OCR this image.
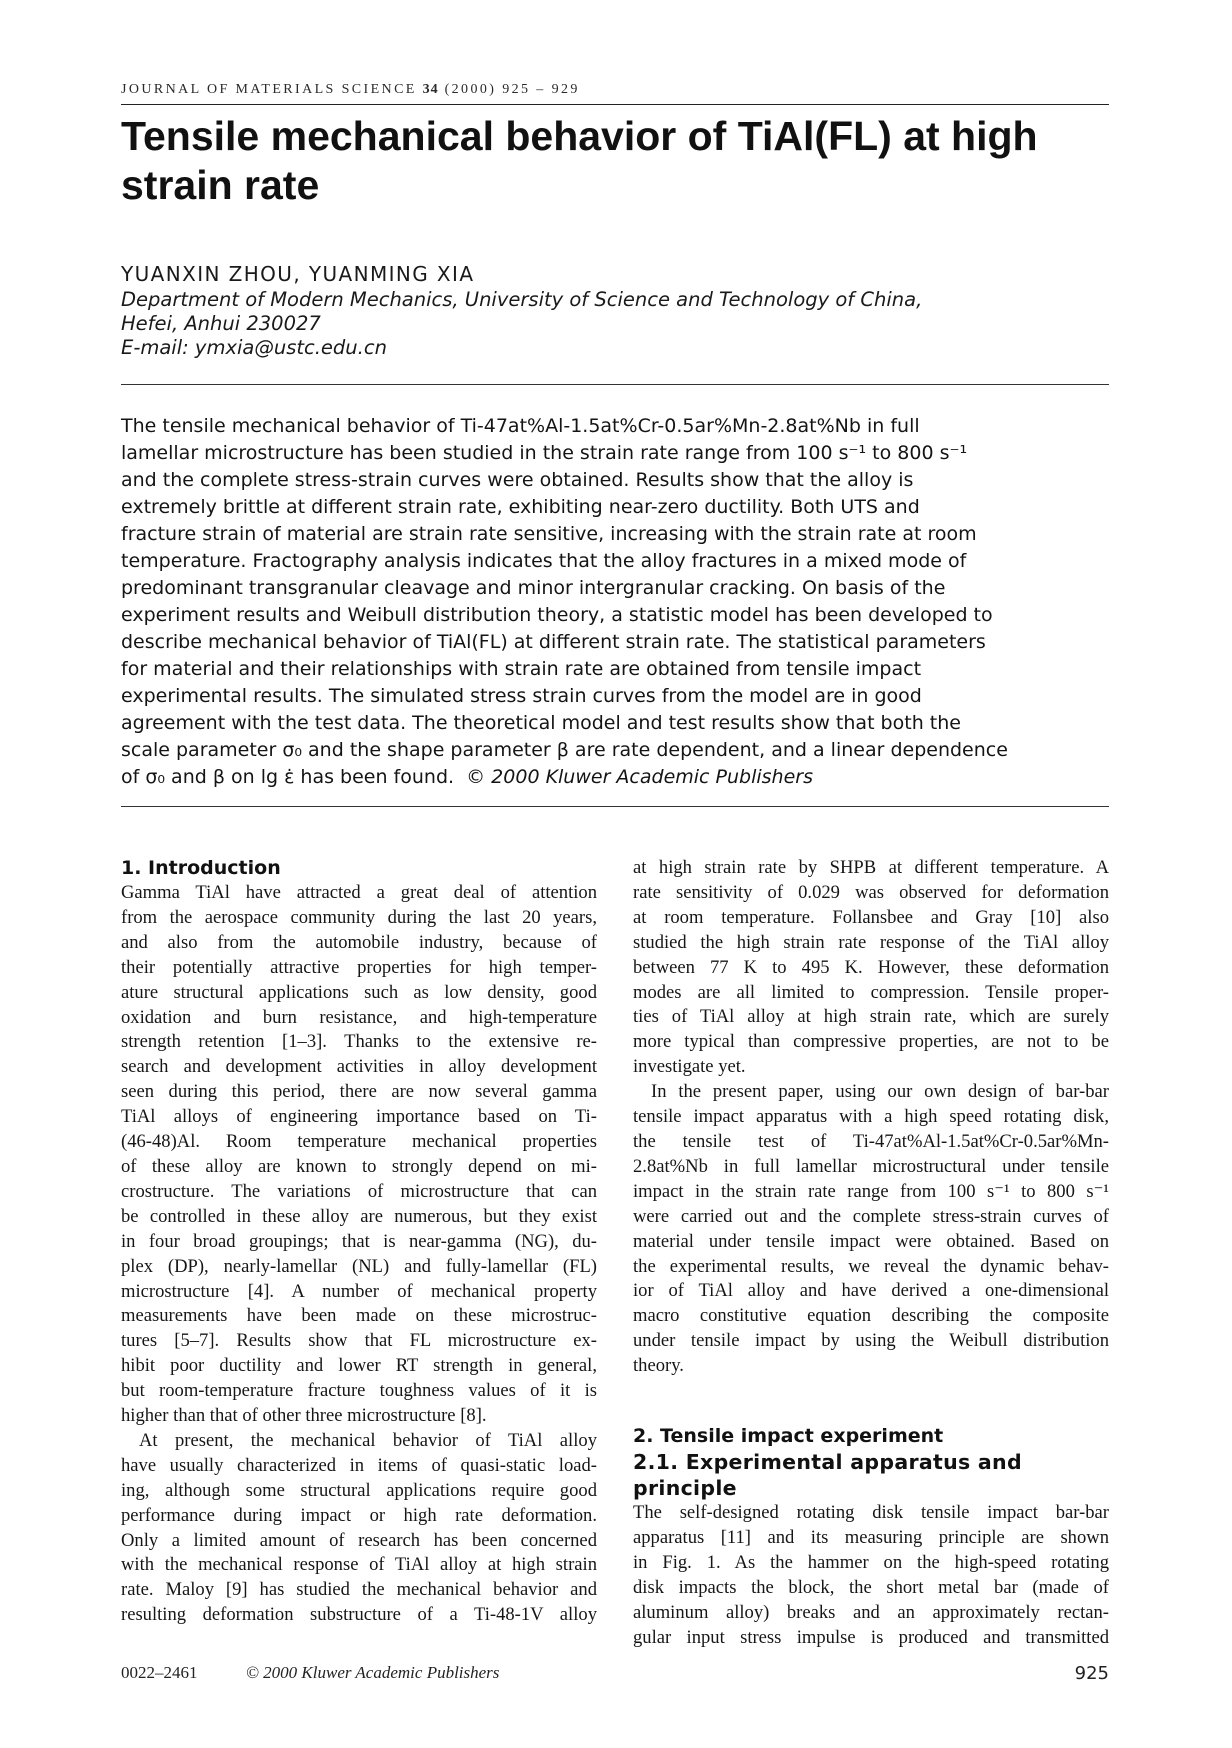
JOURNAL OF MATERIALS SCIENCE 34 (2000) 925 – 929
Tensile mechanical behavior of TiAl(FL) at high
strain rate
YUANXIN ZHOU, YUANMING XIA
Department of Modern Mechanics, University of Science and Technology of China,
Hefei, Anhui 230027
E-mail: ymxia@ustc.edu.cn
The tensile mechanical behavior of Ti-47at%Al-1.5at%Cr-0.5ar%Mn-2.8at%Nb in full
lamellar microstructure has been studied in the strain rate range from 100 s⁻¹ to 800 s⁻¹
and the complete stress-strain curves were obtained. Results show that the alloy is
extremely brittle at different strain rate, exhibiting near-zero ductility. Both UTS and
fracture strain of material are strain rate sensitive, increasing with the strain rate at room
temperature. Fractography analysis indicates that the alloy fractures in a mixed mode of
predominant transgranular cleavage and minor intergranular cracking. On basis of the
experiment results and Weibull distribution theory, a statistic model has been developed to
describe mechanical behavior of TiAl(FL) at different strain rate. The statistical parameters
for material and their relationships with strain rate are obtained from tensile impact
experimental results. The simulated stress strain curves from the model are in good
agreement with the test data. The theoretical model and test results show that both the
scale parameter σ₀ and the shape parameter β are rate dependent, and a linear dependence
of σ₀ and β on lg ε̇ has been found. © 2000 Kluwer Academic Publishers
1. Introduction

Gamma TiAl have attracted a great deal of attention
from the aerospace community during the last 20 years,
and also from the automobile industry, because of
their potentially attractive properties for high temper-
ature structural applications such as low density, good
oxidation and burn resistance, and high-temperature
strength retention [1–3]. Thanks to the extensive re-
search and development activities in alloy development
seen during this period, there are now several gamma
TiAl alloys of engineering importance based on Ti-
(46-48)Al. Room temperature mechanical properties
of these alloy are known to strongly depend on mi-
crostructure. The variations of microstructure that can
be controlled in these alloy are numerous, but they exist
in four broad groupings; that is near-gamma (NG), du-
plex (DP), nearly-lamellar (NL) and fully-lamellar (FL)
microstructure [4]. A number of mechanical property
measurements have been made on these microstruc-
tures [5–7]. Results show that FL microstructure ex-
hibit poor ductility and lower RT strength in general,
but room-temperature fracture toughness values of it is
higher than that of other three microstructure [8].

At present, the mechanical behavior of TiAl alloy
have usually characterized in items of quasi-static load-
ing, although some structural applications require good
performance during impact or high rate deformation.
Only a limited amount of research has been concerned
with the mechanical response of TiAl alloy at high strain
rate. Maloy [9] has studied the mechanical behavior and
resulting deformation substructure of a Ti-48-1V alloy

at high strain rate by SHPB at different temperature. A
rate sensitivity of 0.029 was observed for deformation
at room temperature. Follansbee and Gray [10] also
studied the high strain rate response of the TiAl alloy
between 77 K to 495 K. However, these deformation
modes are all limited to compression. Tensile proper-
ties of TiAl alloy at high strain rate, which are surely
more typical than compressive properties, are not to be
investigate yet.

In the present paper, using our own design of bar-bar
tensile impact apparatus with a high speed rotating disk,
the tensile test of Ti-47at%Al-1.5at%Cr-0.5ar%Mn-
2.8at%Nb in full lamellar microstructural under tensile
impact in the strain rate range from 100 s⁻¹ to 800 s⁻¹
were carried out and the complete stress-strain curves of
material under tensile impact were obtained. Based on
the experimental results, we reveal the dynamic behav-
ior of TiAl alloy and have derived a one-dimensional
macro constitutive equation describing the composite
under tensile impact by using the Weibull distribution
theory.

2. Tensile impact experiment
2.1. Experimental apparatus and principle

The self-designed rotating disk tensile impact bar-bar
apparatus [11] and its measuring principle are shown
in Fig. 1. As the hammer on the high-speed rotating
disk impacts the block, the short metal bar (made of
aluminum alloy) breaks and an approximately rectan-
gular input stress impulse is produced and transmitted

0022–2461	© 2000 Kluwer Academic Publishers	925
